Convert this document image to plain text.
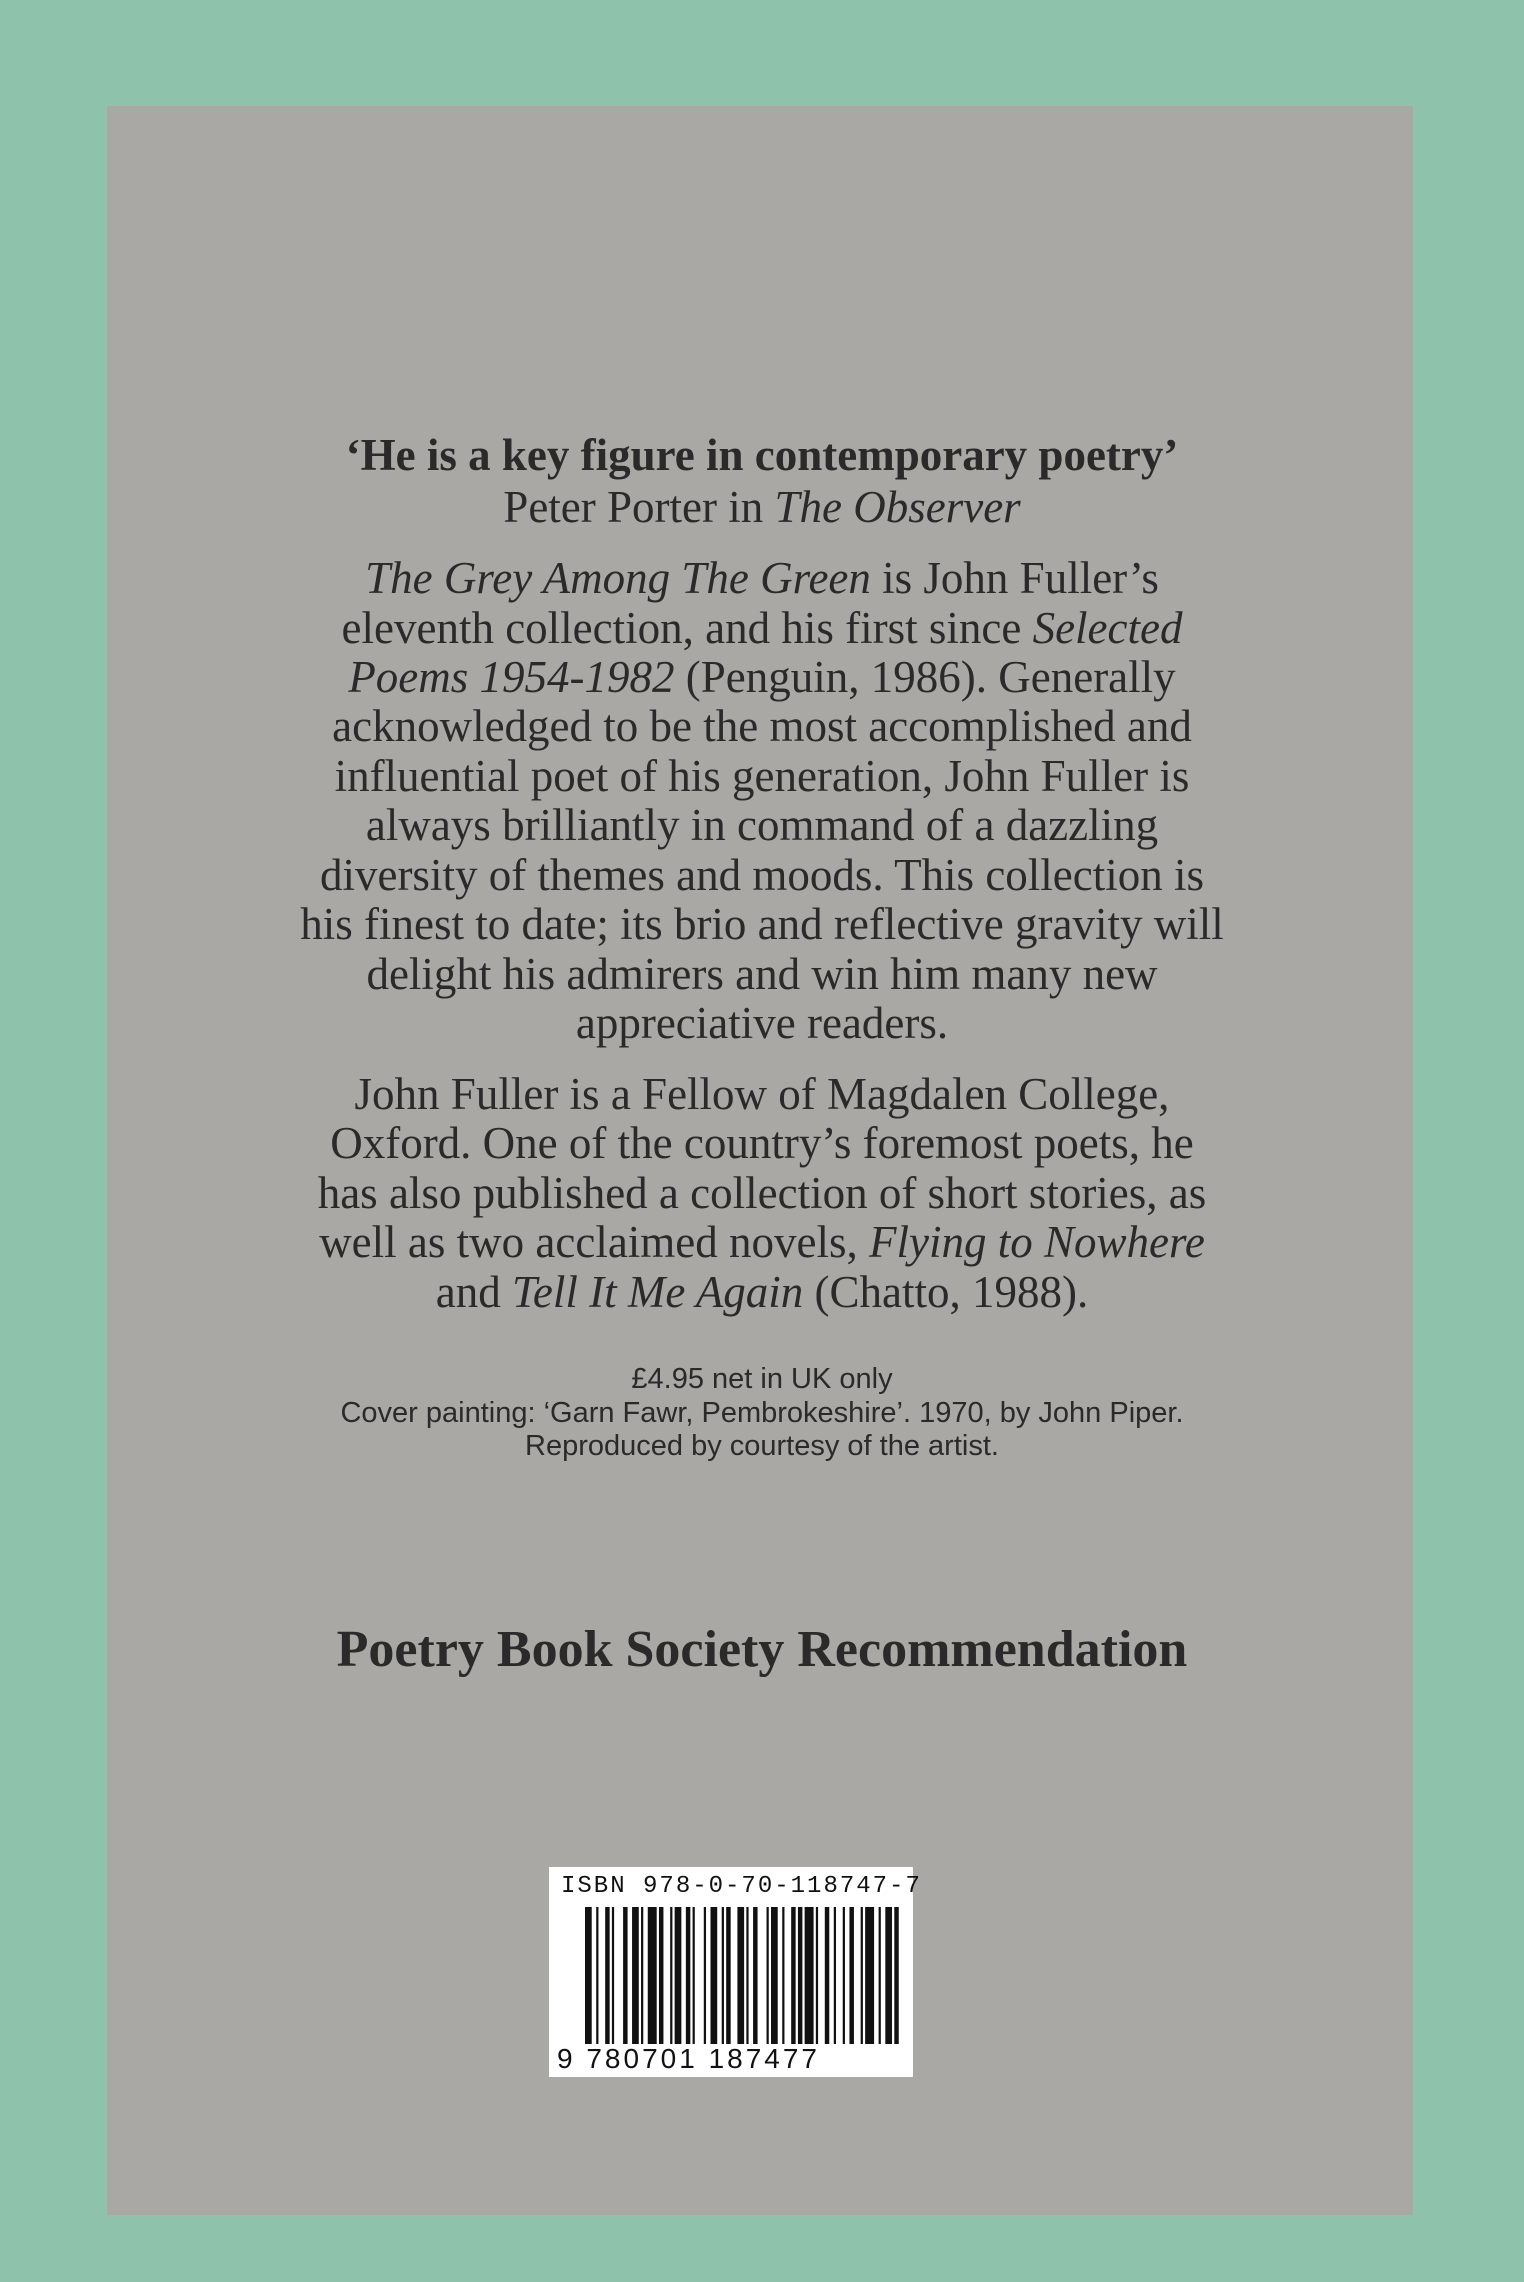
‘He is a key figure in contemporary poetry’
Peter Porter in The Observer
The Grey Among The Green is John Fuller’s
eleventh collection, and his first since Selected
Poems 1954-1982 (Penguin, 1986). Generally
acknowledged to be the most accomplished and
influential poet of his generation, John Fuller is
always brilliantly in command of a dazzling
diversity of themes and moods. This collection is
his finest to date; its brio and reflective gravity will
delight his admirers and win him many new
appreciative readers.
John Fuller is a Fellow of Magdalen College,
Oxford. One of the country’s foremost poets, he
has also published a collection of short stories, as
well as two acclaimed novels, Flying to Nowhere
and Tell It Me Again (Chatto, 1988).
£4.95 net in UK only
Cover painting: ‘Garn Fawr, Pembrokeshire’. 1970, by John Piper.
Reproduced by courtesy of the artist.
Poetry Book Society Recommendation
ISBN 978-0-70-118747-7
9 780701 187477
